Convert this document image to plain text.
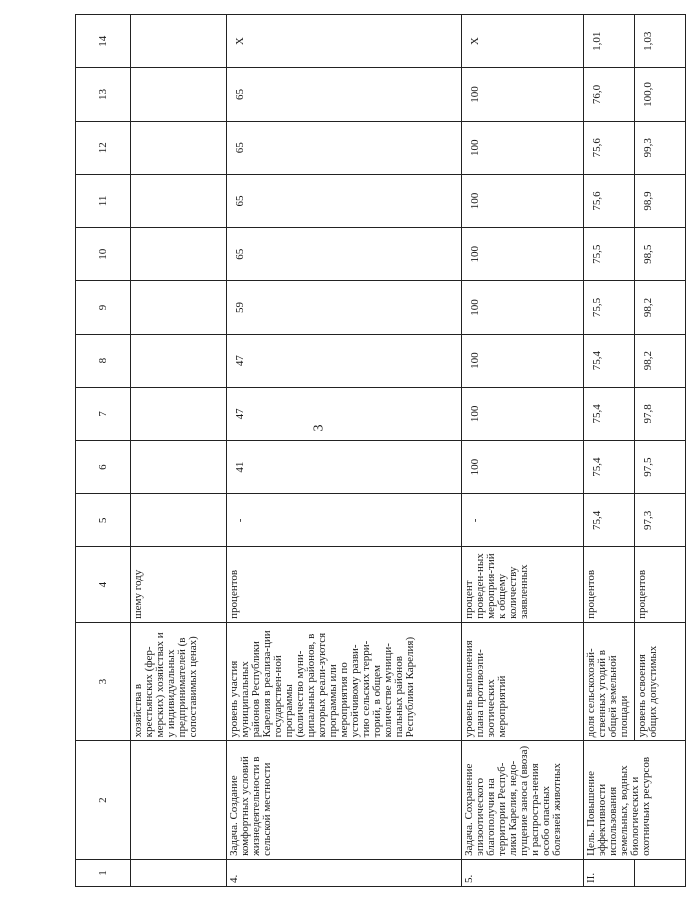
3
1	2	3	4	5	6	7	8	9	10	11	12	13	14
		хозяйства в крестьянских (фер-мерских) хозяйствах и у индивидуальных предпринимателей (в сопоставимых ценах)	шему году										
4.	Задача. Создание комфортных условий жизнедеятельности в сельской местности	уровень участия муниципальных районов Республики Карелия в реализа-ции государствен-ной программы (количество муни-ципальных районов, в которых реали-зуются программы или мероприятия по устойчивому разви-тию сельских терри-торий, в общем количестве муници-пальных районов Республики Карелия)	процентов	-	41	47	47	59	65	65	65	65	Х
5.	Задача. Сохранение эпизоотического благополучия на территории Респуб-лики Карелия, недо-пущение заноса (ввоза) и распростра-нения особо опасных болезней животных	уровень выполнения плана противоэпи-зоотических мероприятий	процент проведен-ных мероприя-тий к общему количеству заявленных	-	100	100	100	100	100	100	100	100	Х
II.	Цель. Повышение эффективности использования земельных, водных биологических и охотничьих ресурсов	доля сельскохозяй-ственных угодий в общей земельной площади	процентов	75,4	75,4	75,4	75,4	75,5	75,5	75,6	75,6	76,0	1,01
		уровень освоения общих допустимых	процентов	97,3	97,5	97,8	98,2	98,2	98,5	98,9	99,3	100,0	1,03
